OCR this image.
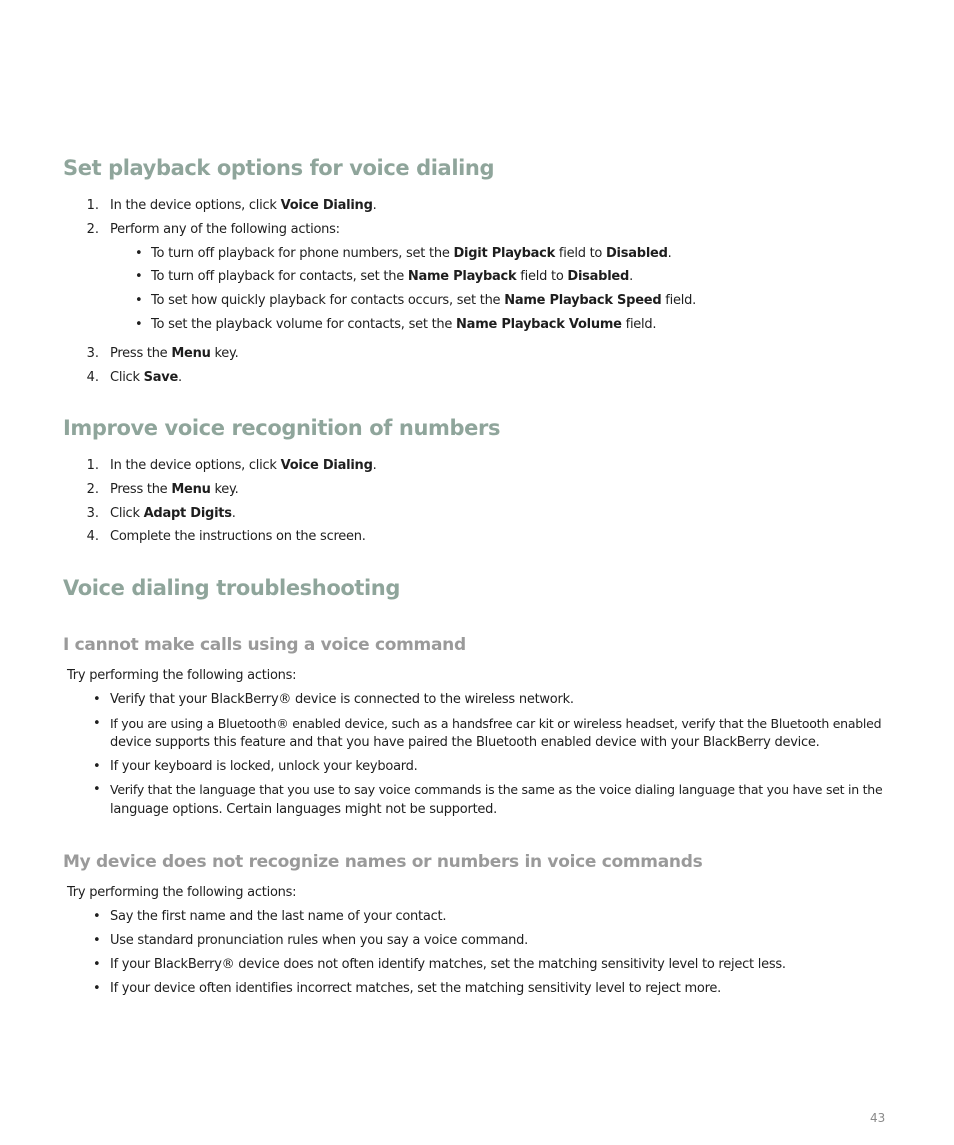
Set playback options for voice dialing
1. In the device options, click Voice Dialing.
2. Perform any of the following actions:
• To turn off playback for phone numbers, set the Digit Playback field to Disabled.
• To turn off playback for contacts, set the Name Playback field to Disabled.
• To set how quickly playback for contacts occurs, set the Name Playback Speed field.
• To set the playback volume for contacts, set the Name Playback Volume field.
3. Press the Menu key.
4. Click Save.
Improve voice recognition of numbers
1. In the device options, click Voice Dialing.
2. Press the Menu key.
3. Click Adapt Digits.
4. Complete the instructions on the screen.
Voice dialing troubleshooting
I cannot make calls using a voice command

Try performing the following actions:

• Verify that your BlackBerry® device is connected to the wireless network.
• If you are using a Bluetooth® enabled device, such as a handsfree car kit or wireless headset, verify that the Bluetooth enabled
device supports this feature and that you have paired the Bluetooth enabled device with your BlackBerry device.
• If your keyboard is locked, unlock your keyboard.
• Verify that the language that you use to say voice commands is the same as the voice dialing language that you have set in the
language options. Certain languages might not be supported.
My device does not recognize names or numbers in voice commands

Try performing the following actions:

• Say the first name and the last name of your contact.
• Use standard pronunciation rules when you say a voice command.
• If your BlackBerry® device does not often identify matches, set the matching sensitivity level to reject less.
• If your device often identifies incorrect matches, set the matching sensitivity level to reject more.
43
